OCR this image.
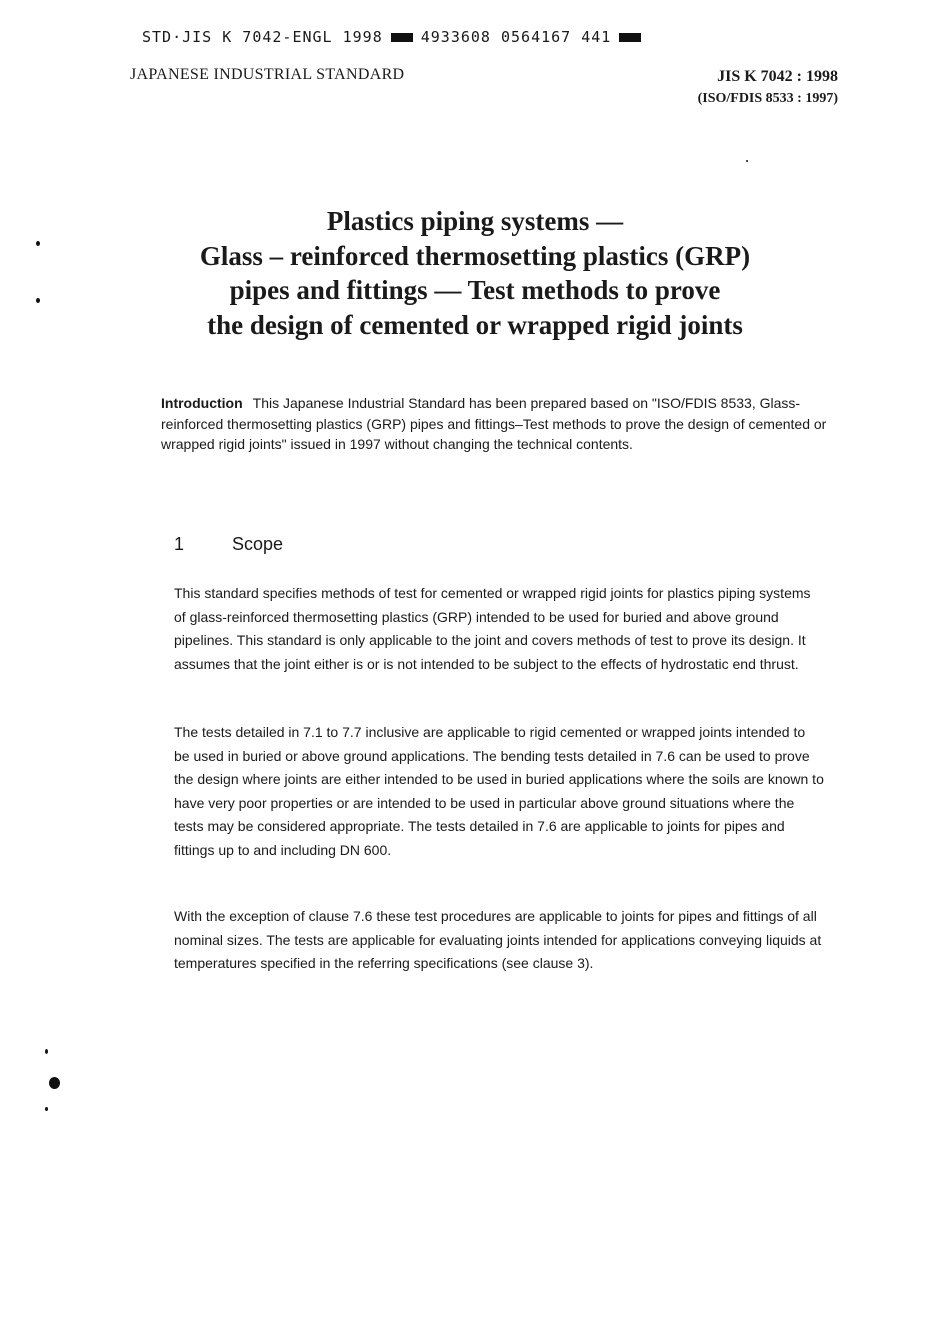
STD·JIS K 7042-ENGL 1998	4933608 0564167 441
JAPANESE INDUSTRIAL STANDARD	JIS K 7042 : 1998
(ISO/FDIS 8533 : 1997)
Plastics piping systems —
Glass – reinforced thermosetting plastics (GRP)
pipes and fittings — Test methods to prove
the design of cemented or wrapped rigid joints
Introduction This Japanese Industrial Standard has been prepared based on "ISO/FDIS 8533, Glass-reinforced thermosetting plastics (GRP) pipes and fittings–Test methods to prove the design of cemented or wrapped rigid joints" issued in 1997 without changing the technical contents.
1	Scope
This standard specifies methods of test for cemented or wrapped rigid joints for plastics piping systems of glass-reinforced thermosetting plastics (GRP) intended to be used for buried and above ground pipelines. This standard is only applicable to the joint and covers methods of test to prove its design. It assumes that the joint either is or is not intended to be subject to the effects of hydrostatic end thrust.
The tests detailed in 7.1 to 7.7 inclusive are applicable to rigid cemented or wrapped joints intended to be used in buried or above ground applications. The bending tests detailed in 7.6 can be used to prove the design where joints are either intended to be used in buried applications where the soils are known to have very poor properties or are intended to be used in particular above ground situations where the tests may be considered appropriate. The tests detailed in 7.6 are applicable to joints for pipes and fittings up to and including DN 600.
With the exception of clause 7.6 these test procedures are applicable to joints for pipes and fittings of all nominal sizes. The tests are applicable for evaluating joints intended for applications conveying liquids at temperatures specified in the referring specifications (see clause 3).
